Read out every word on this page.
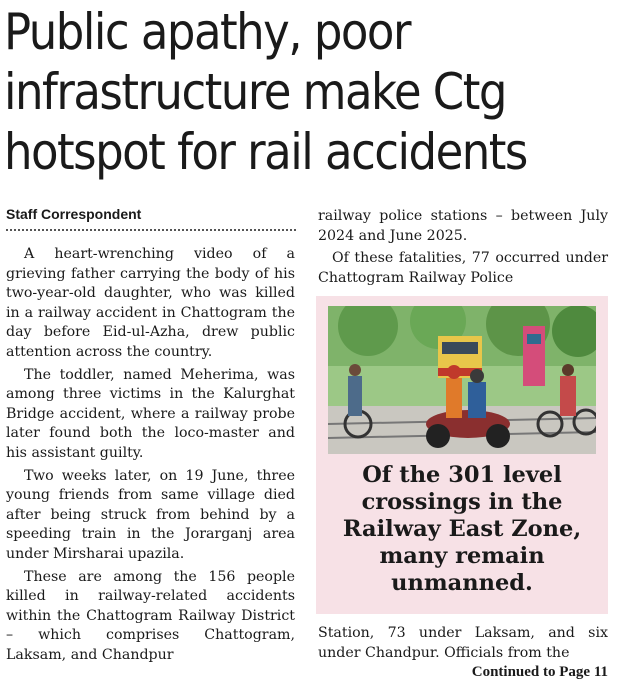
Public apathy, poor
infrastructure make Ctg
hotspot for rail accidents
Staff Correspondent

A heart-wrenching video of a grieving father carrying the body of his two-year-old daughter, who was killed in a railway accident in Chattogram the day before Eid-ul-Azha, drew public attention across the country.

The toddler, named Meherima, was among three victims in the Kalurghat Bridge accident, where a railway probe later found both the loco-master and his assistant guilty.

Two weeks later, on 19 June, three young friends from same village died after being struck from behind by a speeding train in the Jorarganj area under Mirsharai upazila.

These are among the 156 people killed in railway-related accidents within the Chattogram Railway District – which comprises Chattogram, Laksam, and Chandpur

railway police stations – between July 2024 and June 2025.

Of these fatalities, 77 occurred under Chattogram Railway Police

Of the 301 level crossings in the Railway East Zone, many remain unmanned.

Station, 73 under Laksam, and six under Chandpur. Officials from the

Continued to Page 11
